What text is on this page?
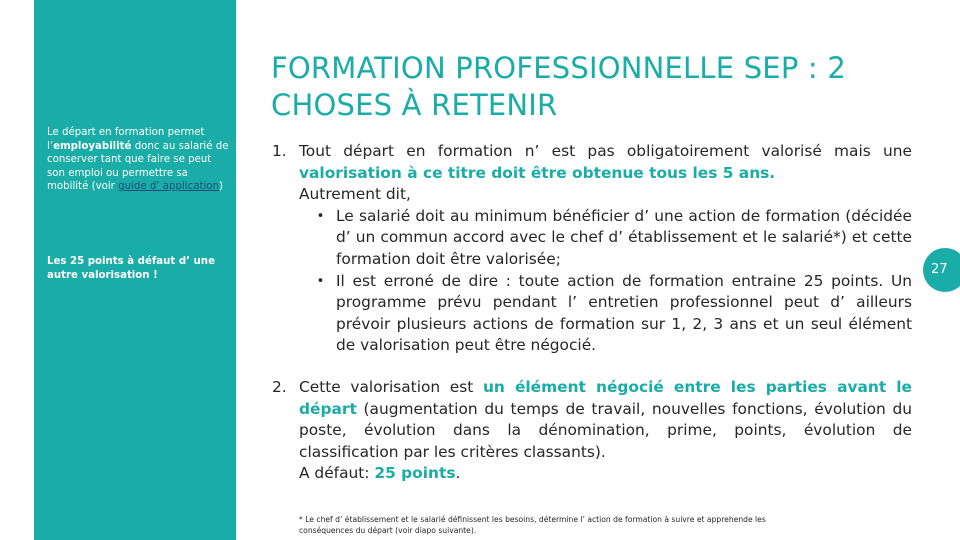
Le départ en formation permet l’employabilité donc au salarié de conserver tant que faire se peut son emploi ou permettre sa mobilité (voir guide d’ application)
Les 25 points à défaut d’ une autre valorisation !
FORMATION PROFESSIONNELLE SEP : 2 CHOSES À RETENIR
1. Tout départ en formation n’ est pas obligatoirement valorisé mais une valorisation à ce titre doit être obtenue tous les 5 ans.
Autrement dit,
• Le salarié doit au minimum bénéficier d’ une action de formation (décidée d’ un commun accord avec le chef d’ établissement et le salarié*) et cette formation doit être valorisée;
• Il est erroné de dire : toute action de formation entraine 25 points. Un programme prévu pendant l’ entretien professionnel peut d’ ailleurs prévoir plusieurs actions de formation sur 1, 2, 3 ans et un seul élément de valorisation peut être négocié.
2. Cette valorisation est un élément négocié entre les parties avant le départ (augmentation du temps de travail, nouvelles fonctions, évolution du poste, évolution dans la dénomination, prime, points, évolution de classification par les critères classants).
A défaut: 25 points.
* Le chef d’ établissement et le salarié définissent les besoins, détermine l’ action de formation à suivre et apprehende les conséquences du départ (voir diapo suivante).
27
